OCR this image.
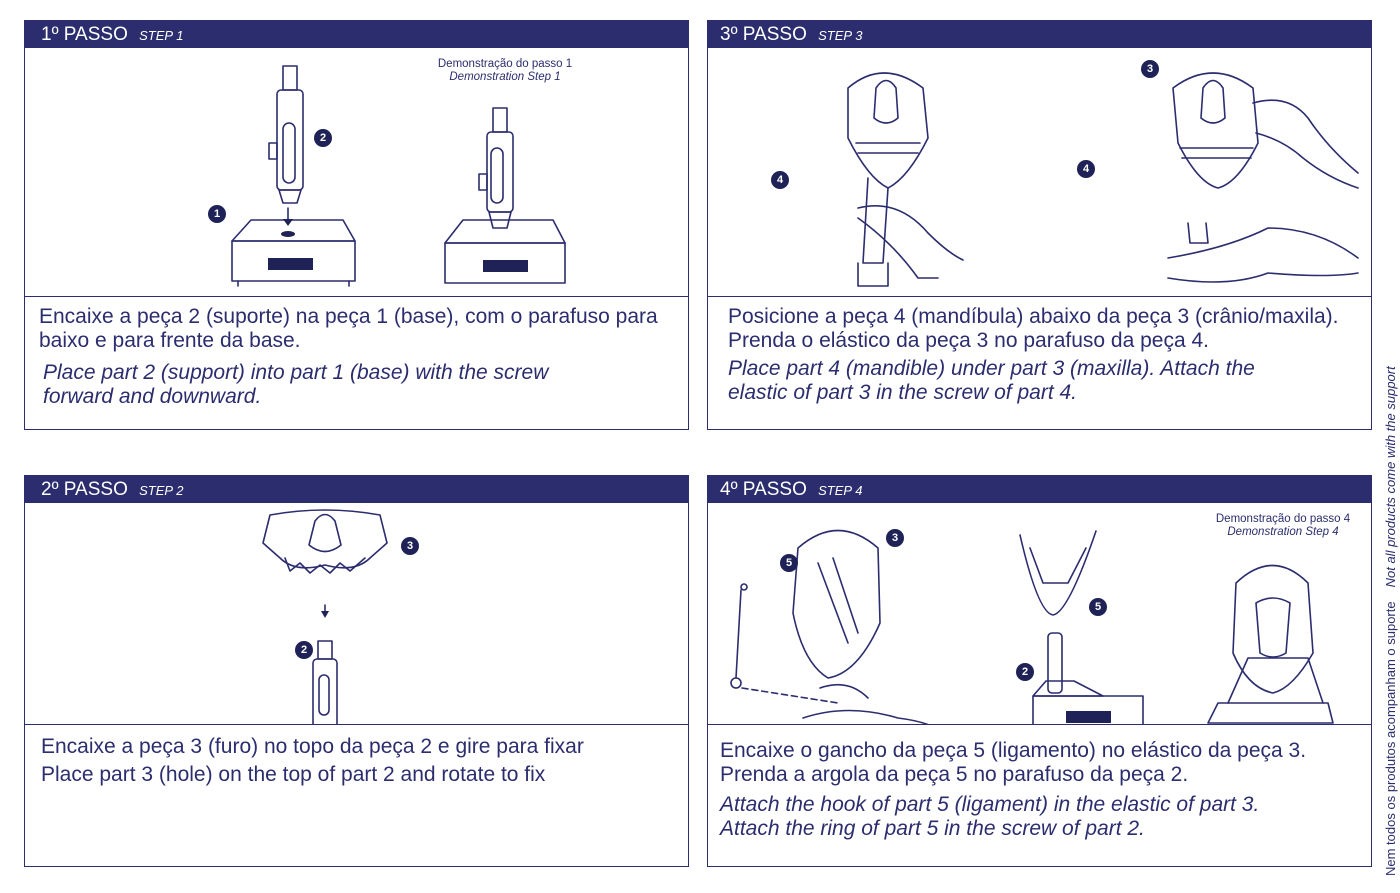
1º PASSO STEP 1
1
2
Demonstração do passo 1
Demonstration Step 1

Encaixe a peça 2 (suporte) na peça 1 (base), com o parafuso para
baixo e para frente da base.

Place part 2 (support) into part 1 (base) with the screw
forward and downward.

2º PASSO STEP 2
3
2

Encaixe a peça 3 (furo) no topo da peça 2 e gire para fixar

Place part 3 (hole) on the top of part 2 and rotate to fix

3º PASSO STEP 3
4
3
4

Posicione a peça 4 (mandíbula) abaixo da peça 3 (crânio/maxila).
Prenda o elástico da peça 3 no parafuso da peça 4.

Place part 4 (mandible) under part 3 (maxilla). Attach the
elastic of part 3 in the screw of part 4.

4º PASSO STEP 4
5
3
5
2
Demonstração do passo 4
Demonstration Step 4

Encaixe o gancho da peça 5 (ligamento) no elástico da peça 3.
Prenda a argola da peça 5 no parafuso da peça 2.

Attach the hook of part 5 (ligament) in the elastic of part 3.
Attach the ring of part 5 in the screw of part 2.	Nem todos os produtos acompanham o suporteNot all products come with the support
